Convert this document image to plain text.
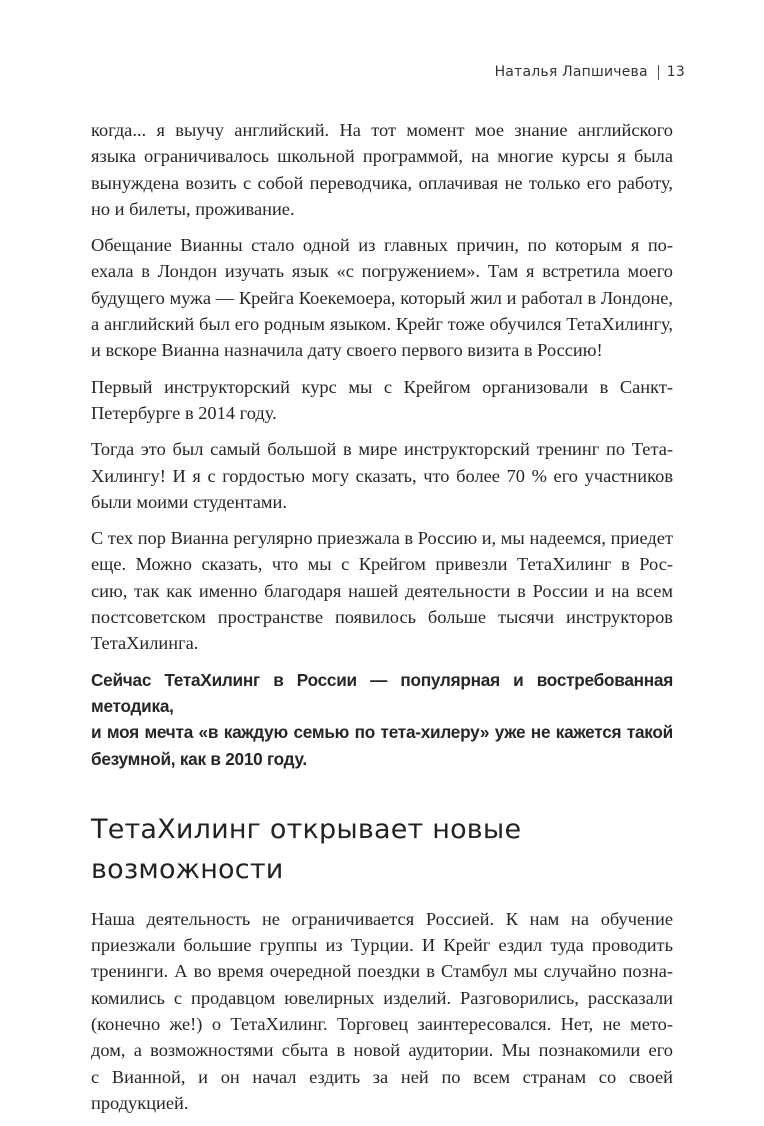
Наталья Лапшичева 13

когда... я выучу английский. На тот момент мое знание английского
языка ограничивалось школьной программой, на многие курсы я была
вынуждена возить с собой переводчика, оплачивая не только его работу,
но и билеты, проживание.

Обещание Вианны стало одной из главных причин, по которым я по-
ехала в Лондон изучать язык «с погружением». Там я встретила моего
будущего мужа — Крейга Коекемоера, который жил и работал в Лондоне,
а английский был его родным языком. Крейг тоже обучился ТетаХилингу,
и вскоре Вианна назначила дату своего первого визита в Россию!

Первый инструкторский курс мы с Крейгом организовали в Санкт-
Петербурге в 2014 году.

Тогда это был самый большой в мире инструкторский тренинг по Тета-
Хилингу! И я с гордостью могу сказать, что более 70 % его участников
были моими студентами.

С тех пор Вианна регулярно приезжала в Россию и, мы надеемся, приедет
еще. Можно сказать, что мы с Крейгом привезли ТетаХилинг в Рос-
сию, так как именно благодаря нашей деятельности в России и на всем
постсоветском пространстве появилось больше тысячи инструкторов
ТетаХилинга.

Сейчас ТетаХилинг в России — популярная и востребованная методика,
и моя мечта «в каждую семью по тета-хилеру» уже не кажется такой
безумной, как в 2010 году.

ТетаХилинг открывает новые
возможности

Наша деятельность не ограничивается Россией. К нам на обучение
приезжали большие группы из Турции. И Крейг ездил туда проводить
тренинги. А во время очередной поездки в Стамбул мы случайно позна-
комились с продавцом ювелирных изделий. Разговорились, рассказали
(конечно же!) о ТетаХилинг. Торговец заинтересовался. Нет, не мето-
дом, а возможностями сбыта в новой аудитории. Мы познакомили его
с Вианной, и он начал ездить за ней по всем странам со своей продукцией.
